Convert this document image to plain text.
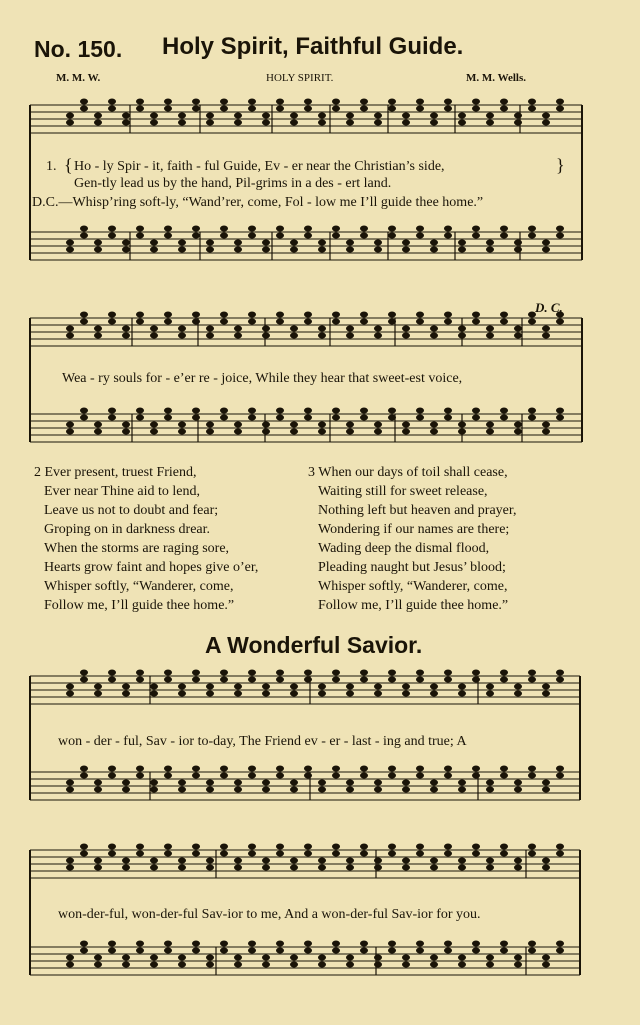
No. 150. Holy Spirit, Faithful Guide.
M. M. W.	HOLY SPIRIT.	M. M. Wells.
1. { Ho - ly Spir - it, faith - ful Guide, Ev - er near the Christian’s side,
Gen-tly lead us by the hand, Pil-grims in a des - ert land.
}
D.C.—Whisp’ring soft-ly, “Wand’rer, come, Fol - low me I’ll guide thee home.”
Wea - ry souls for - e’er re - joice, While they hear that sweet-est voice,
D. C.
2 Ever present, truest Friend,
Ever near Thine aid to lend,
Leave us not to doubt and fear;
Groping on in darkness drear.
When the storms are raging sore,
Hearts grow faint and hopes give o’er,
Whisper softly, “Wanderer, come,
Follow me, I’ll guide thee home.”
3 When our days of toil shall cease,
Waiting still for sweet release,
Nothing left but heaven and prayer,
Wondering if our names are there;
Wading deep the dismal flood,
Pleading naught but Jesus’ blood;
Whisper softly, “Wanderer, come,
Follow me, I’ll guide thee home.”
A Wonderful Savior.
won - der - ful, Sav - ior to-day, The Friend ev - er - last - ing and true; A
won-der-ful, won-der-ful Sav-ior to me, And a won-der-ful Sav-ior for you.
